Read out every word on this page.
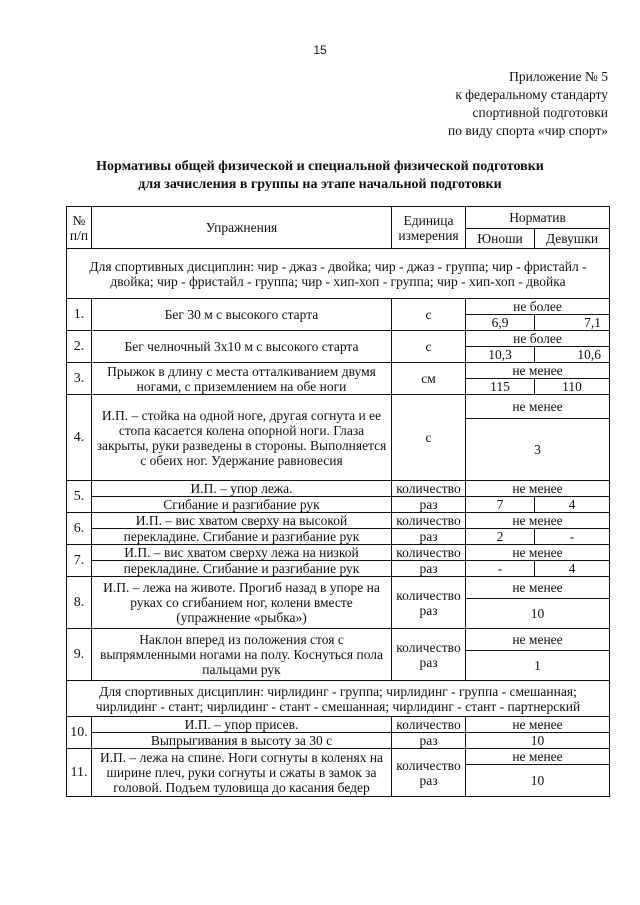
15
Приложение № 5
к федеральному стандарту
спортивной подготовки
по виду спорта «чир спорт»
Нормативы общей физической и специальной физической подготовки
для зачисления в группы на этапе начальной подготовки
№ п/п	Упражнения	Единица измерения	Норматив	
			Юноши	Девушки
Для спортивных дисциплин: чир - джаз - двойка; чир - джаз - группа; чир - фристайл - двойка; чир - фристайл - группа; чир - хип-хоп - группа; чир - хип-хоп - двойка				
1.	Бег 30 м с высокого старта	с	не более	
			6,9	7,1
2.	Бег челночный 3х10 м с высокого старта	с	не более	
			10,3	10,6
3.	Прыжок в длину с места отталкиванием двумя ногами, с приземлением на обе ноги	см	не менее	
			115	110
4.	И.П. – стойка на одной ноге, другая согнута и ее стопа касается колена опорной ноги. Глаза закрыты, руки разведены в стороны. Выполняется с обеих ног. Удержание равновесия	с	не менее	
			3	
5.	И.П. – упор лежа.	количество	не менее	
	Сгибание и разгибание рук	раз	7	4
6.	И.П. – вис хватом сверху на высокой	количество	не менее	
	перекладине. Сгибание и разгибание рук	раз	2	-
7.	И.П. – вис хватом сверху лежа на низкой	количество	не менее	
	перекладине. Сгибание и разгибание рук	раз	-	4
8.	И.П. – лежа на животе. Прогиб назад в упоре на руках со сгибанием ног, колени вместе (упражнение «рыбка»)	количество раз	не менее	
			10	
9.	Наклон вперед из положения стоя с выпрямленными ногами на полу. Коснуться пола пальцами рук	количество раз	не менее	
			1	
Для спортивных дисциплин: чирлидинг - группа; чирлидинг - группа - смешанная; чирлидинг - стант; чирлидинг - стант - смешанная; чирлидинг - стант - партнерский				
10.	И.П. – упор присев.	количество	не менее	
	Выпрыгивания в высоту за 30 с	раз	10	
11.	И.П. – лежа на спине. Ноги согнуты в коленях на ширине плеч, руки согнуты и сжаты в замок за головой. Подъем туловища до касания бедер	количество раз	не менее	
			10	
